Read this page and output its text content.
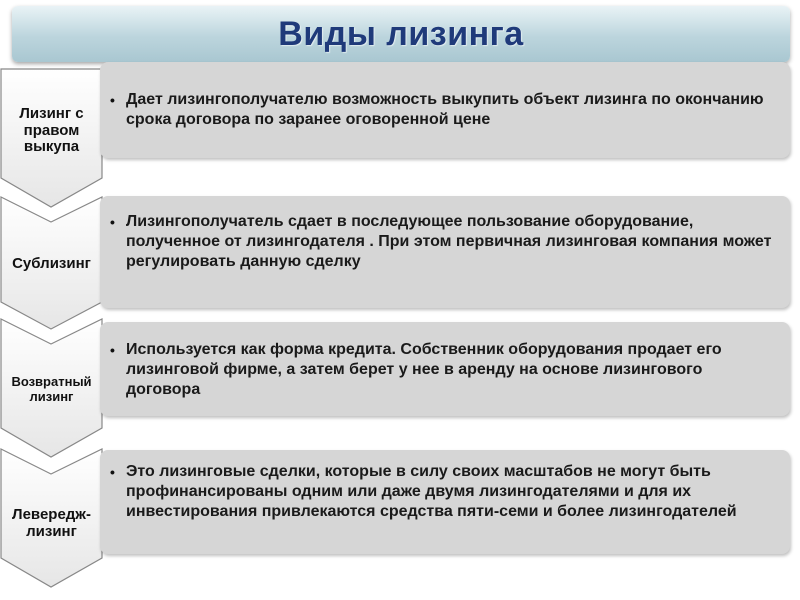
Виды лизинга
Лизинг с правом выкупа
• Дает лизингополучателю возможность выкупить объект лизинга по окончанию срока договора по заранее оговоренной цене
Сублизинг
• Лизингополучатель сдает в последующее пользование оборудование, полученное от лизингодателя . При этом первичная лизинговая компания может регулировать данную сделку
Возвратный лизинг
• Используется как форма кредита. Собственник оборудования продает его лизинговой фирме, а затем берет у нее в аренду на основе лизингового договора
Левередж-лизинг
• Это лизинговые сделки, которые в силу своих масштабов не могут быть профинансированы одним или даже двумя лизингодателями и для их инвестирования привлекаются средства пяти-семи и более лизингодателей
